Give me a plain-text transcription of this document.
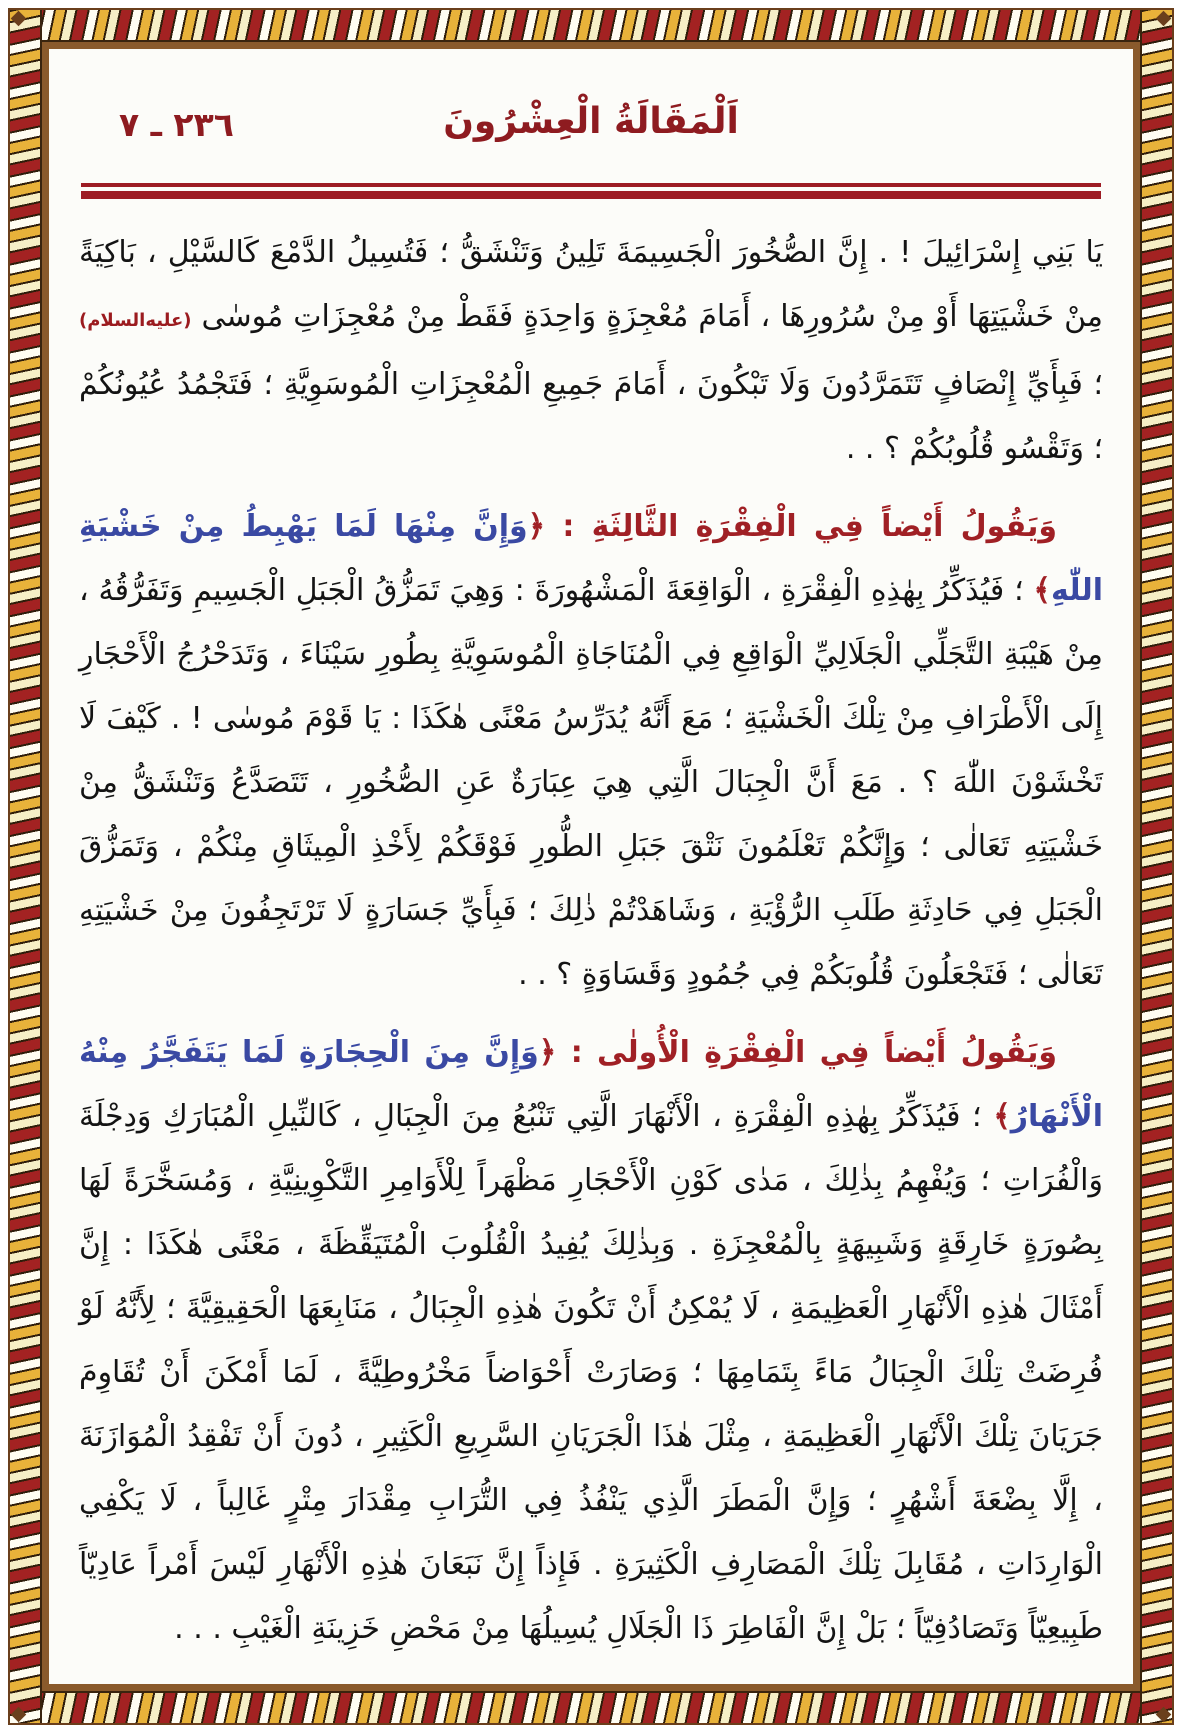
اَلْمَقَالَةُ الْعِشْرُونَ
٢٣٦ ـ ٧

يَا بَنِي إِسْرَائِيلَ ! . إِنَّ الصُّخُورَ الْجَسِيمَةَ تَلِينُ وَتَنْشَقُّ ؛ فَتُسِيلُ الدَّمْعَ كَالسَّيْلِ ، بَاكِيَةً مِنْ خَشْيَتِهَا أَوْ مِنْ سُرُورِهَا ، أَمَامَ مُعْجِزَةٍ وَاحِدَةٍ فَقَطْ مِنْ مُعْجِزَاتِ مُوسٰى (عليه‌السلام) ؛ فَبِأَيِّ إِنْصَافٍ تَتَمَرَّدُونَ وَلَا تَبْكُونَ ، أَمَامَ جَمِيعِ الْمُعْجِزَاتِ الْمُوسَوِيَّةِ ؛ فَتَجْمُدُ عُيُونُكُمْ ؛ وَتَقْسُو قُلُوبُكُمْ ؟ . .

وَيَقُولُ أَيْضاً فِي الْفِقْرَةِ الثَّالِثَةِ : ﴿وَإِنَّ مِنْهَا لَمَا يَهْبِطُ مِنْ خَشْيَةِ اللّٰهِ﴾ ؛ فَيُذَكِّرُ بِهٰذِهِ الْفِقْرَةِ ، الْوَاقِعَةَ الْمَشْهُورَةَ : وَهِيَ تَمَزُّقُ الْجَبَلِ الْجَسِيمِ وَتَفَرُّقُهُ ، مِنْ هَيْبَةِ التَّجَلِّي الْجَلَالِيِّ الْوَاقِعِ فِي الْمُنَاجَاةِ الْمُوسَوِيَّةِ بِطُورِ سَيْنَاءَ ، وَتَدَحْرُجُ الْأَحْجَارِ إِلَى الْأَطْرَافِ مِنْ تِلْكَ الْخَشْيَةِ ؛ مَعَ أَنَّهُ يُدَرِّسُ مَعْنًى هٰكَذَا : يَا قَوْمَ مُوسٰى ! . كَيْفَ لَا تَخْشَوْنَ اللّٰهَ ؟ . مَعَ أَنَّ الْجِبَالَ الَّتِي هِيَ عِبَارَةٌ عَنِ الصُّخُورِ ، تَتَصَدَّعُ وَتَنْشَقُّ مِنْ خَشْيَتِهِ تَعَالٰى ؛ وَإِنَّكُمْ تَعْلَمُونَ نَتْقَ جَبَلِ الطُّورِ فَوْقَكُمْ لِأَخْذِ الْمِيثَاقِ مِنْكُمْ ، وَتَمَزُّقَ الْجَبَلِ فِي حَادِثَةِ طَلَبِ الرُّؤْيَةِ ، وَشَاهَدْتُمْ ذٰلِكَ ؛ فَبِأَيِّ جَسَارَةٍ لَا تَرْتَجِفُونَ مِنْ خَشْيَتِهِ تَعَالٰى ؛ فَتَجْعَلُونَ قُلُوبَكُمْ فِي جُمُودٍ وَقَسَاوَةٍ ؟ . .

وَيَقُولُ أَيْضاً فِي الْفِقْرَةِ الْأُولٰى : ﴿وَإِنَّ مِنَ الْحِجَارَةِ لَمَا يَتَفَجَّرُ مِنْهُ الْأَنْهَارُ﴾ ؛ فَيُذَكِّرُ بِهٰذِهِ الْفِقْرَةِ ، الْأَنْهَارَ الَّتِي تَنْبُعُ مِنَ الْجِبَالِ ، كَالنِّيلِ الْمُبَارَكِ وَدِجْلَةَ وَالْفُرَاتِ ؛ وَيُفْهِمُ بِذٰلِكَ ، مَدٰى كَوْنِ الْأَحْجَارِ مَظْهَراً لِلْأَوَامِرِ التَّكْوِينِيَّةِ ، وَمُسَخَّرَةً لَهَا بِصُورَةٍ خَارِقَةٍ وَشَبِيهَةٍ بِالْمُعْجِزَةِ . وَبِذٰلِكَ يُفِيدُ الْقُلُوبَ الْمُتَيَقِّظَةَ ، مَعْنًى هٰكَذَا : إِنَّ أَمْثَالَ هٰذِهِ الْأَنْهَارِ الْعَظِيمَةِ ، لَا يُمْكِنُ أَنْ تَكُونَ هٰذِهِ الْجِبَالُ ، مَنَابِعَهَا الْحَقِيقِيَّةَ ؛ لِأَنَّهُ لَوْ فُرِضَتْ تِلْكَ الْجِبَالُ مَاءً بِتَمَامِهَا ؛ وَصَارَتْ أَحْوَاضاً مَخْرُوطِيَّةً ، لَمَا أَمْكَنَ أَنْ تُقَاوِمَ جَرَيَانَ تِلْكَ الْأَنْهَارِ الْعَظِيمَةِ ، مِثْلَ هٰذَا الْجَرَيَانِ السَّرِيعِ الْكَثِيرِ ، دُونَ أَنْ تَفْقِدُ الْمُوَازَنَةَ ، إِلَّا بِضْعَةَ أَشْهُرٍ ؛ وَإِنَّ الْمَطَرَ الَّذِي يَنْفُذُ فِي التُّرَابِ مِقْدَارَ مِتْرٍ غَالِباً ، لَا يَكْفِي الْوَارِدَاتِ ، مُقَابِلَ تِلْكَ الْمَصَارِفِ الْكَثِيرَةِ . فَإِذاً إِنَّ نَبَعَانَ هٰذِهِ الْأَنْهَارِ لَيْسَ أَمْراً عَادِيّاً طَبِيعِيّاً وَتَصَادُفِيّاً ؛ بَلْ إِنَّ الْفَاطِرَ ذَا الْجَلَالِ يُسِيلُهَا مِنْ مَحْضِ خَزِينَةِ الْغَيْبِ . . .
